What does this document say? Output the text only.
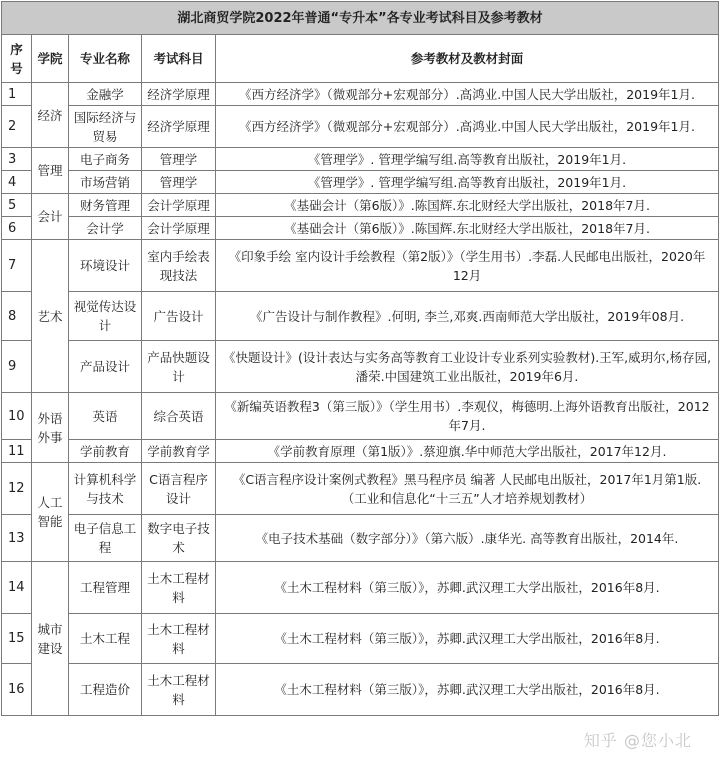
湖北商贸学院2022年普通“专升本”各专业考试科目及参考教材				
序号	学院	专业名称	考试科目	参考教材及教材封面
1	经济	金融学	经济学原理	《西方经济学》（微观部分+宏观部分）.高鸿业.中国人民大学出版社，2019年1月.
2		国际经济与贸易	经济学原理	《西方经济学》（微观部分+宏观部分）.高鸿业.中国人民大学出版社，2019年1月.
3	管理	电子商务	管理学	《管理学》. 管理学编写组.高等教育出版社，2019年1月.
4		市场营销	管理学	《管理学》. 管理学编写组.高等教育出版社，2019年1月.
5	会计	财务管理	会计学原理	《基础会计（第6版）》.陈国辉.东北财经大学出版社，2018年7月.
6		会计学	会计学原理	《基础会计（第6版）》.陈国辉.东北财经大学出版社，2018年7月.
7	艺术	环境设计	室内手绘表现技法	《印象手绘 室内设计手绘教程（第2版）》（学生用书）.李磊.人民邮电出版社，2020年12月
8		视觉传达设计	广告设计	《广告设计与制作教程》.何明, 李兰,邓爽.西南师范大学出版社，2019年08月.
9		产品设计	产品快题设计	《快题设计》(设计表达与实务高等教育工业设计专业系列实验教材).王军,威玥尔,杨存园,潘荣.中国建筑工业出版社，2019年6月.
10	外语外事	英语	综合英语	《新编英语教程3（第三版）》（学生用书）.李观仪，梅德明.上海外语教育出版社，2012年7月.
11		学前教育	学前教育学	《学前教育原理（第1版）》.蔡迎旗.华中师范大学出版社，2017年12月.
12	人工智能	计算机科学与技术	C语言程序设计	《C语言程序设计案例式教程》黑马程序员 编著 人民邮电出版社，2017年1月第1版.（工业和信息化“十三五”人才培养规划教材）
13		电子信息工程	数字电子技术	《电子技术基础（数字部分）》（第六版）.康华光. 高等教育出版社，2014年.
14	城市建设	工程管理	土木工程材料	《土木工程材料（第三版）》，苏卿.武汉理工大学出版社，2016年8月.
15		土木工程	土木工程材料	《土木工程材料（第三版）》，苏卿.武汉理工大学出版社，2016年8月.
16		工程造价	土木工程材料	《土木工程材料（第三版）》，苏卿.武汉理工大学出版社，2016年8月.
知乎 @您小北
